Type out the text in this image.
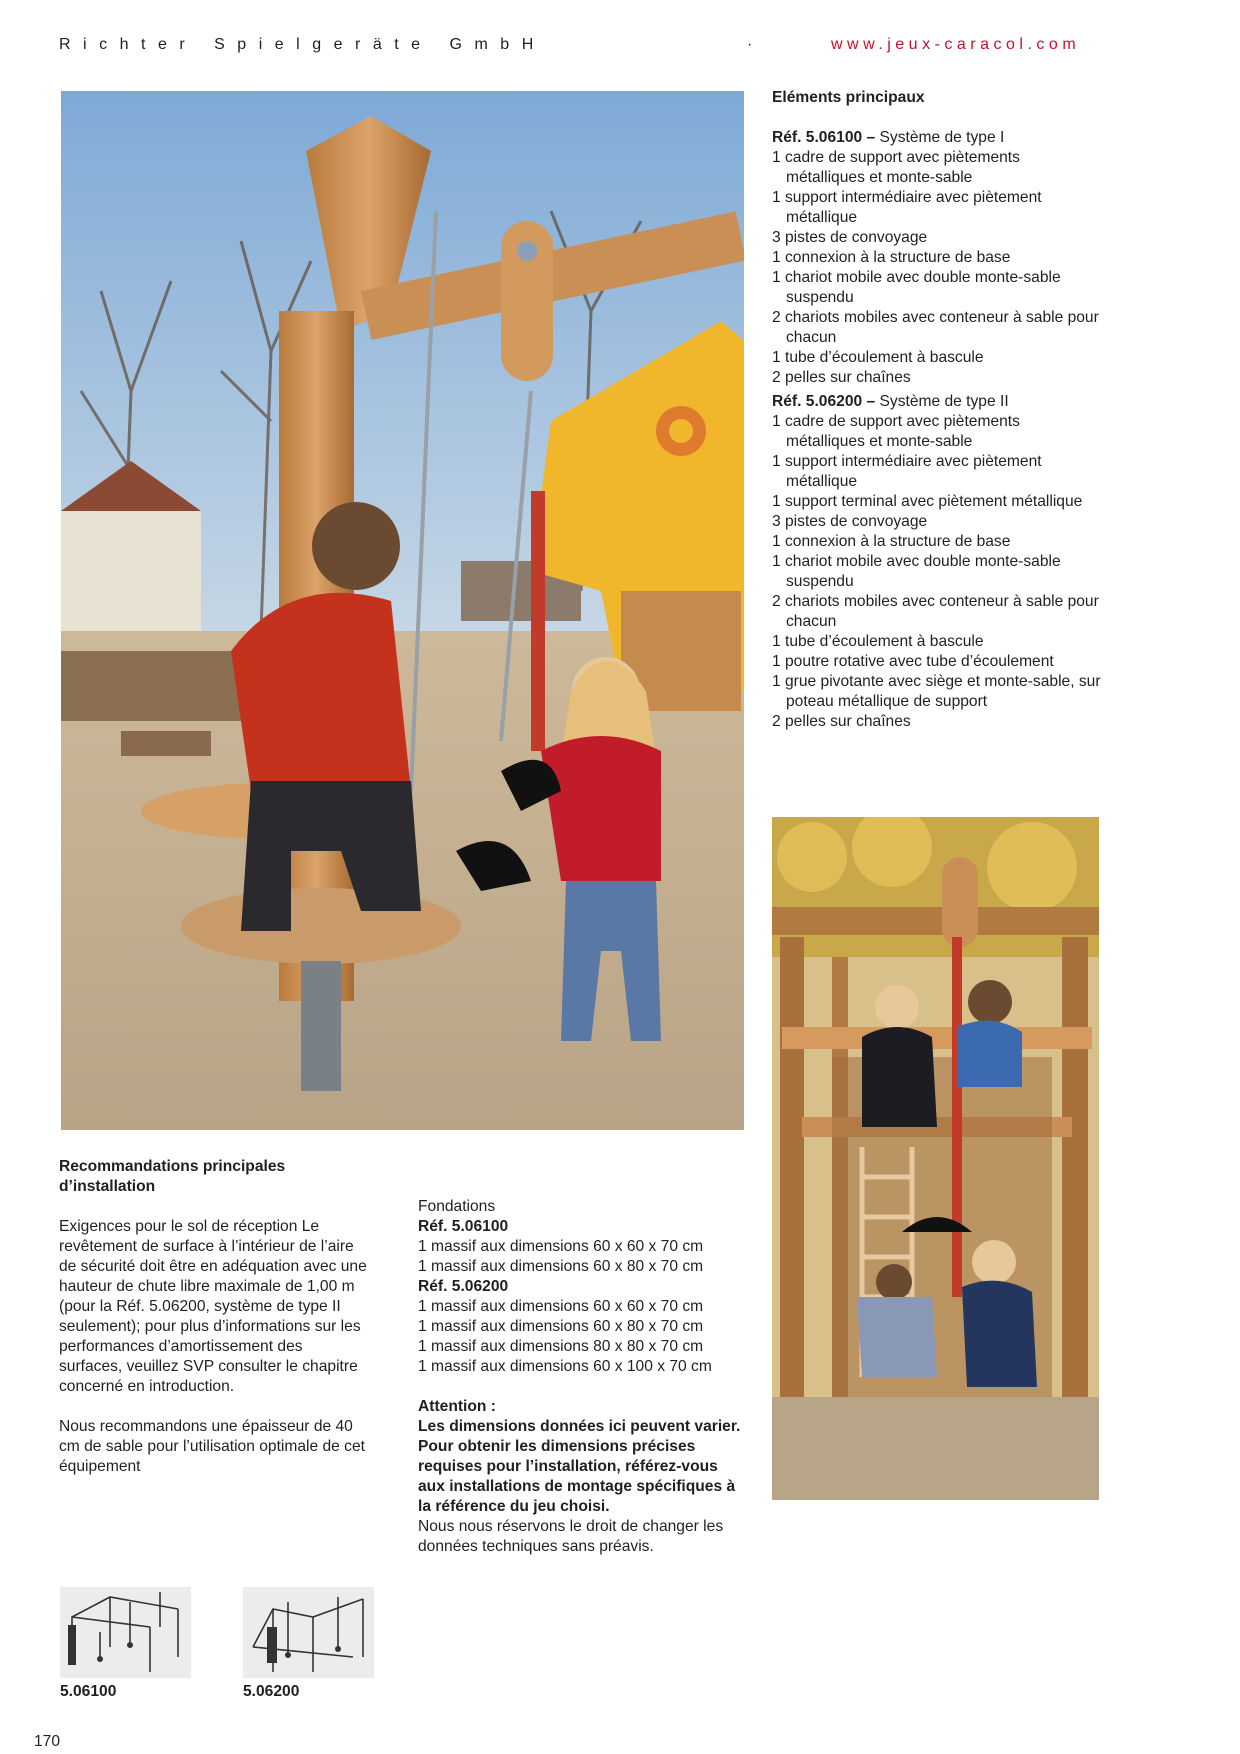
Richter Spielgeräte GmbH	·	www.jeux-caracol.com
Eléments principaux
Réf. 5.06100 – Système de type I
1 cadre de support avec piètements métalliques et monte-sable
1 support intermédiaire avec piètement métallique
3 pistes de convoyage
1 connexion à la structure de base
1 chariot mobile avec double monte-sable suspendu
2 chariots mobiles avec conteneur à sable pour chacun
1 tube d’écoulement à bascule
2 pelles sur chaînes
Réf. 5.06200 – Système de type II
1 cadre de support avec piètements métalliques et monte-sable
1 support intermédiaire avec piètement métallique
1 support terminal avec piètement métallique
3 pistes de convoyage
1 connexion à la structure de base
1 chariot mobile avec double monte-sable suspendu
2 chariots mobiles avec conteneur à sable pour chacun
1 tube d’écoulement à bascule
1 poutre rotative avec tube d’écoulement
1 grue pivotante avec siège et monte-sable, sur poteau métallique de support
2 pelles sur chaînes
Recommandations principales d’installation

Exigences pour le sol de réception Le revêtement de surface à l’intérieur de l’aire de sécurité doit être en adéquation avec une hauteur de chute libre maximale de 1,00 m (pour la Réf. 5.06200, système de type II seulement); pour plus d’informations sur les performances d’amortissement des surfaces, veuillez SVP consulter le chapitre concerné en introduction.

Nous recommandons une épaisseur de 40 cm de sable pour l’utilisation optimale de cet équipement

Fondations
Réf. 5.06100
1 massif aux dimensions 60 x 60 x 70 cm
1 massif aux dimensions 60 x 80 x 70 cm
Réf. 5.06200
1 massif aux dimensions 60 x 60 x 70 cm
1 massif aux dimensions 60 x 80 x 70 cm
1 massif aux dimensions 80 x 80 x 70 cm
1 massif aux dimensions 60 x 100 x 70 cm
Attention :
Les dimensions données ici peuvent varier. Pour obtenir les dimensions précises requises pour l’installation, référez-vous aux installations de montage spécifiques à la référence du jeu choisi.
Nous nous réservons le droit de changer les données techniques sans préavis.
5.06100	5.06200
170
